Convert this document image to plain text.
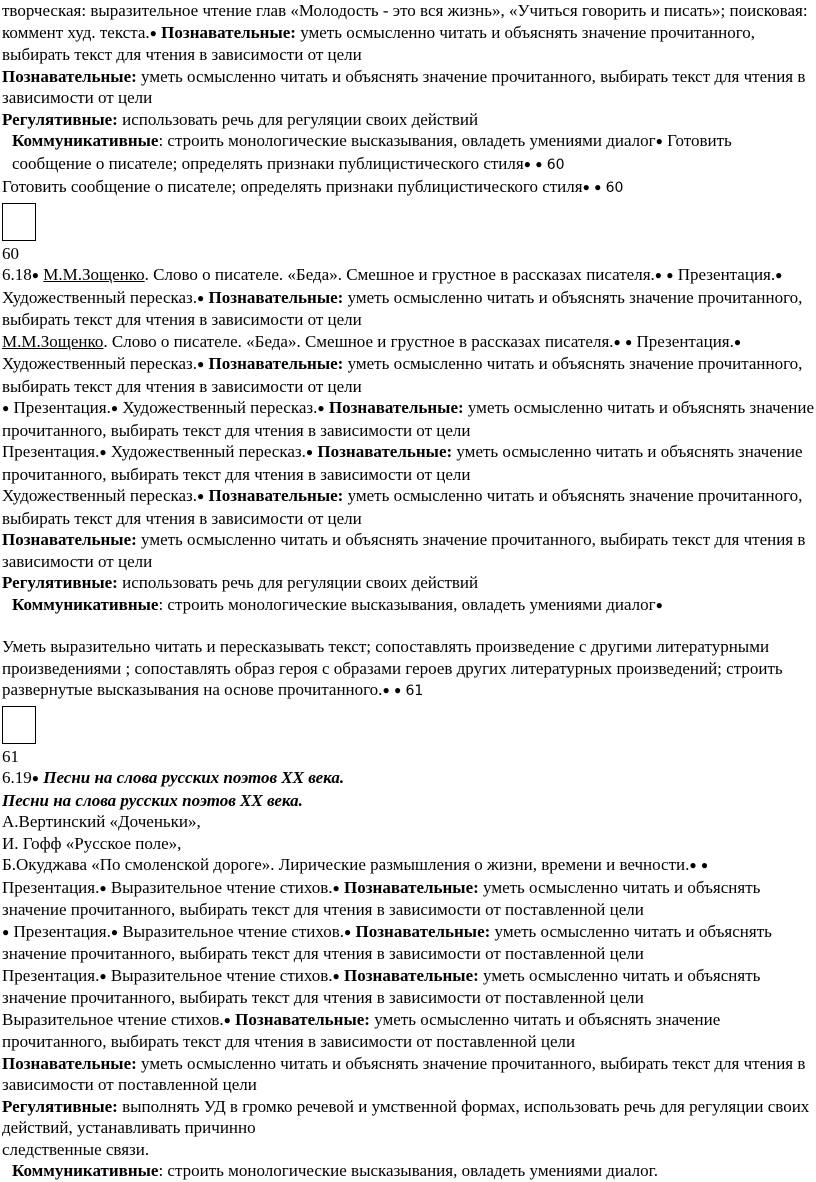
творческая: выразительное чтение глав «Молодость - это вся жизнь», «Учиться говорить и писать»; поисковая: коммент худ. текста.● Познавательные: уметь осмысленно читать и объяснять значение прочитанного, выбирать текст для чтения в зависимости от цели

Познавательные: уметь осмысленно читать и объяснять значение прочитанного, выбирать текст для чтения в зависимости от цели

Регулятивные: использовать речь для регуляции своих действий

Коммуникативные: строить монологические высказывания, овладеть умениями диалог● Готовить сообщение о писателе; определять признаки публицистического стиля● ● 60

Готовить сообщение о писателе; определять признаки публицистического стиля● ● 60

60

6.18● М.М.Зощенко. Слово о писателе. «Беда». Смешное и грустное в рассказах писателя.● ● Презентация.● Художественный пересказ.● Познавательные: уметь осмысленно читать и объяснять значение прочитанного, выбирать текст для чтения в зависимости от цели

М.М.Зощенко. Слово о писателе. «Беда». Смешное и грустное в рассказах писателя.● ● Презентация.● Художественный пересказ.● Познавательные: уметь осмысленно читать и объяснять значение прочитанного, выбирать текст для чтения в зависимости от цели

● Презентация.● Художественный пересказ.● Познавательные: уметь осмысленно читать и объяснять значение прочитанного, выбирать текст для чтения в зависимости от цели

Презентация.● Художественный пересказ.● Познавательные: уметь осмысленно читать и объяснять значение прочитанного, выбирать текст для чтения в зависимости от цели

Художественный пересказ.● Познавательные: уметь осмысленно читать и объяснять значение прочитанного, выбирать текст для чтения в зависимости от цели

Познавательные: уметь осмысленно читать и объяснять значение прочитанного, выбирать текст для чтения в зависимости от цели

Регулятивные: использовать речь для регуляции своих действий

Коммуникативные: строить монологические высказывания, овладеть умениями диалог●

Уметь выразительно читать и пересказывать текст; сопоставлять произведение с другими литературными произведениями ; сопоставлять образ героя с образами героев других литературных произведений; строить развернутые высказывания на основе прочитанного.● ● 61

61

6.19● Песни на слова русских поэтов XX века.

Песни на слова русских поэтов XX века.

А.Вертинский «Доченьки»,

И. Гофф «Русское поле»,

Б.Окуджава «По смоленской дороге». Лирические размышления о жизни, времени и вечности.● ● Презентация.● Выразительное чтение стихов.● Познавательные: уметь осмысленно читать и объяснять значение прочитанного, выбирать текст для чтения в зависимости от поставленной цели

● Презентация.● Выразительное чтение стихов.● Познавательные: уметь осмысленно читать и объяснять значение прочитанного, выбирать текст для чтения в зависимости от поставленной цели

Презентация.● Выразительное чтение стихов.● Познавательные: уметь осмысленно читать и объяснять значение прочитанного, выбирать текст для чтения в зависимости от поставленной цели

Выразительное чтение стихов.● Познавательные: уметь осмысленно читать и объяснять значение прочитанного, выбирать текст для чтения в зависимости от поставленной цели

Познавательные: уметь осмысленно читать и объяснять значение прочитанного, выбирать текст для чтения в зависимости от поставленной цели

Регулятивные: выполнять УД в громко речевой и умственной формах, использовать речь для регуляции своих действий, устанавливать причинно

следственные связи.

Коммуникативные: строить монологические высказывания, овладеть умениями диалог.
